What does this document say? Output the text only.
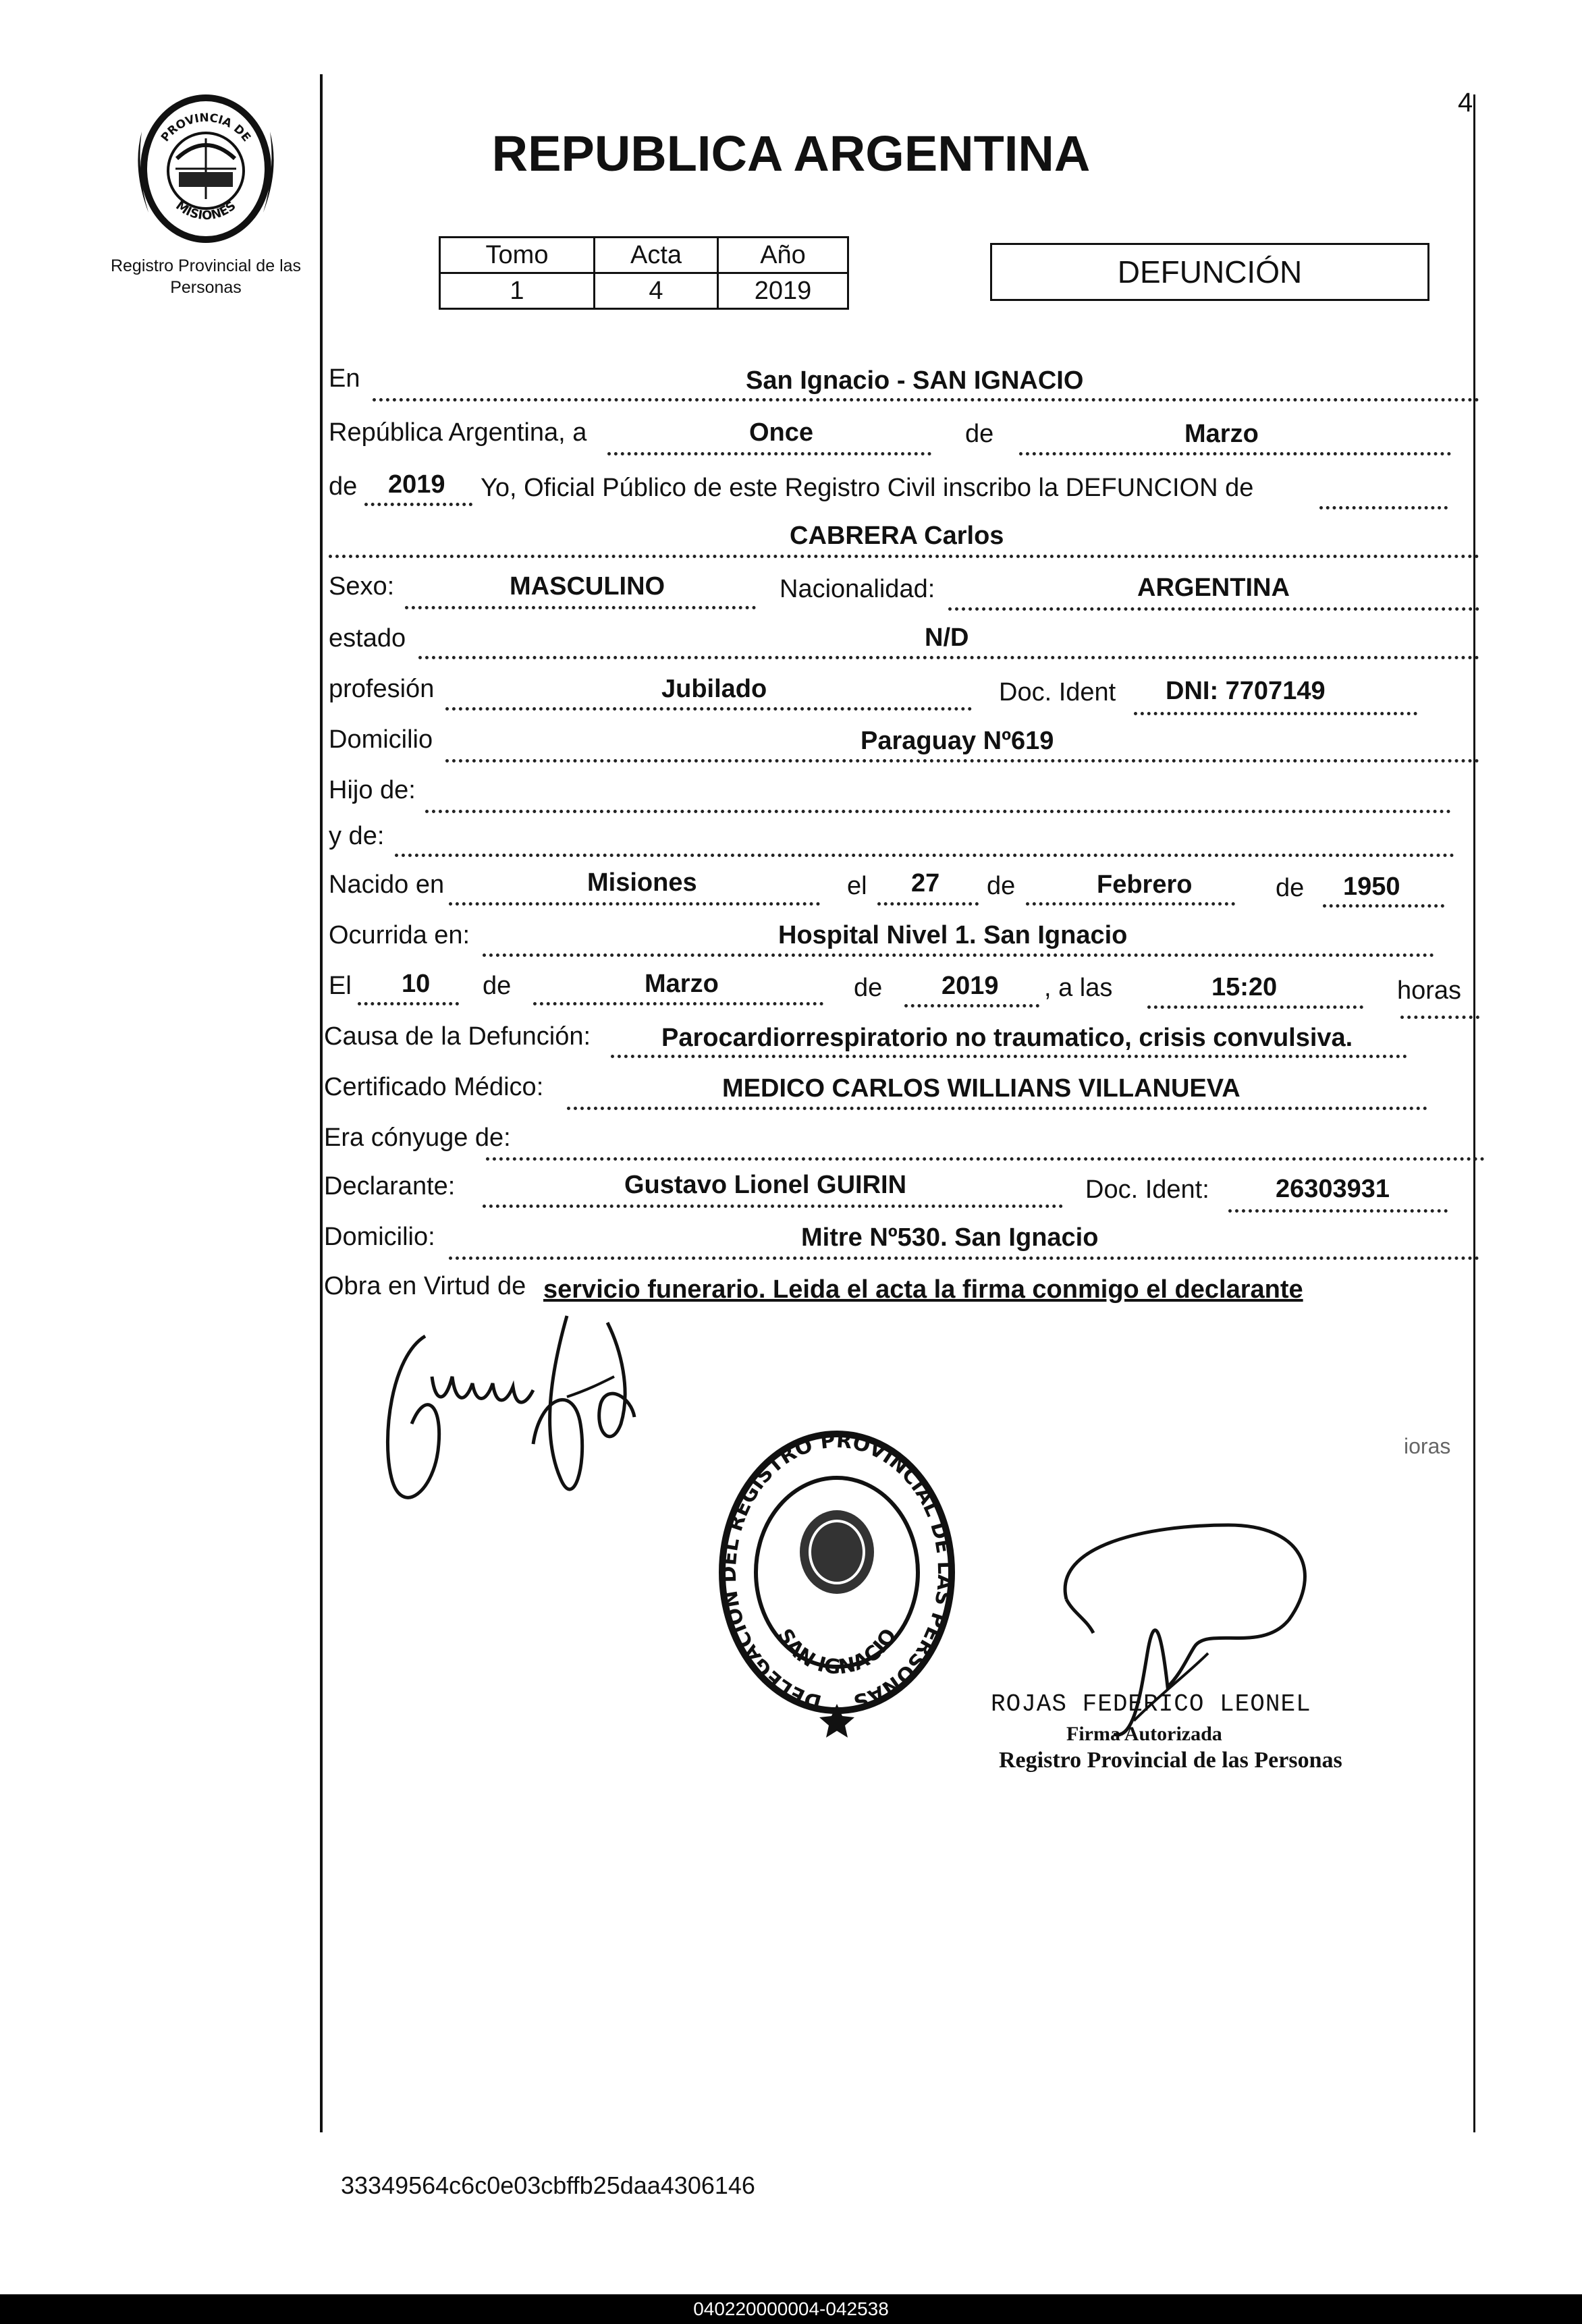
4
PROVINCIA DE
MISIONES
Registro Provincial de las Personas
REPUBLICA ARGENTINA
Tomo	Acta	Año
1	4	2019
DEFUNCIÓN
En	San Ignacio - SAN IGNACIO
República Argentina, a	Once	de	Marzo
de 2019 Yo, Oficial Público de este Registro Civil inscribo la DEFUNCION de
CABRERA Carlos
Sexo:	MASCULINO	Nacionalidad:	ARGENTINA
estado	N/D
profesión	Jubilado	Doc. Ident DNI: 7707149
Domicilio	Paraguay Nº619
Hijo de:
y de:
Nacido en	Misiones	el 27 de	Febrero	de 1950
Ocurrida en:	Hospital Nivel 1. San Ignacio
El 10 de	Marzo	de 2019 , a las	15:20	horas
Causa de la Defunción:	Parocardiorrespiratorio no traumatico, crisis convulsiva.
Certificado Médico:	MEDICO CARLOS WILLIANS VILLANUEVA
Era cónyuge de:
Declarante:	Gustavo Lionel GUIRIN	Doc. Ident:	26303931
Domicilio:	Mitre Nº530. San Ignacio
Obra en Virtud de servicio funerario. Leida el acta la firma conmigo el declarante
DELEGACION DEL REGISTRO PROVINCIAL DE LAS PERSONAS
SAN IGNACIO
ROJAS FEDERICO LEONEL
Firma Autorizada
Registro Provincial de las Personas
ioras
33349564c6c0e03cbffb25daa4306146
040220000004-042538
